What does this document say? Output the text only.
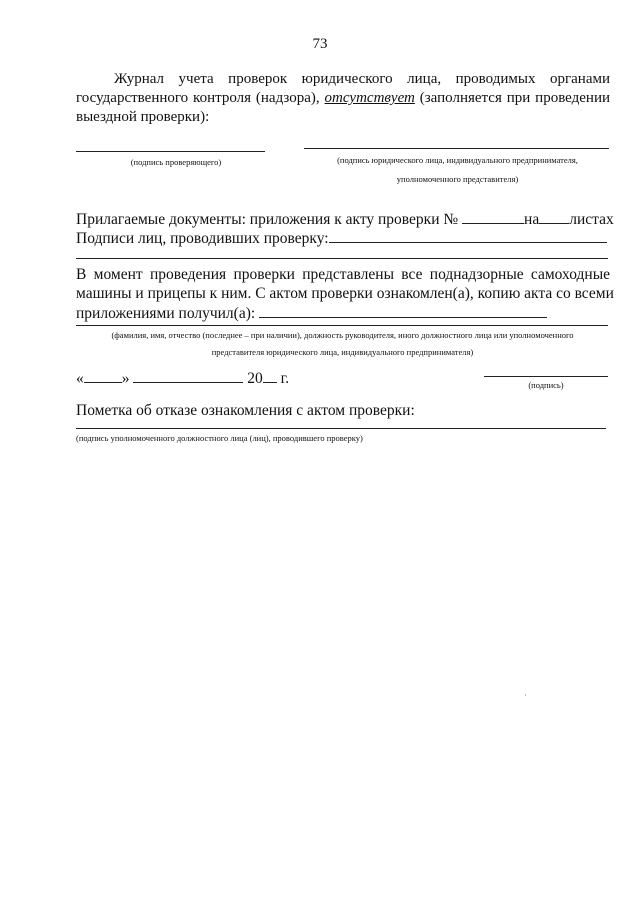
73
Журнал учета проверок юридического лица, проводимых органами государственного контроля (надзора), отсутствует (заполняется при проведении выездной проверки):
(подпись проверяющего)	(подпись юридического лица, индивидуального предпринимателя,
уполномоченного представителя)
Прилагаемые документы: приложения к акту проверки №	на листах
Подписи лиц, проводивших проверку:
В момент проведения проверки представлены все поднадзорные самоходные
машины и прицепы к ним. С актом проверки ознакомлен(а), копию акта со всеми
приложениями получил(а):
(фамилия, имя, отчество (последнее – при наличии), должность руководителя, иного должностного лица или уполномоченного
представителя юридического лица, индивидуального предпринимателя)
« »	20 г.	(подпись)
Пометка об отказе ознакомления с актом проверки:
(подпись уполномоченного должностного лица (лиц), проводившего проверку)
